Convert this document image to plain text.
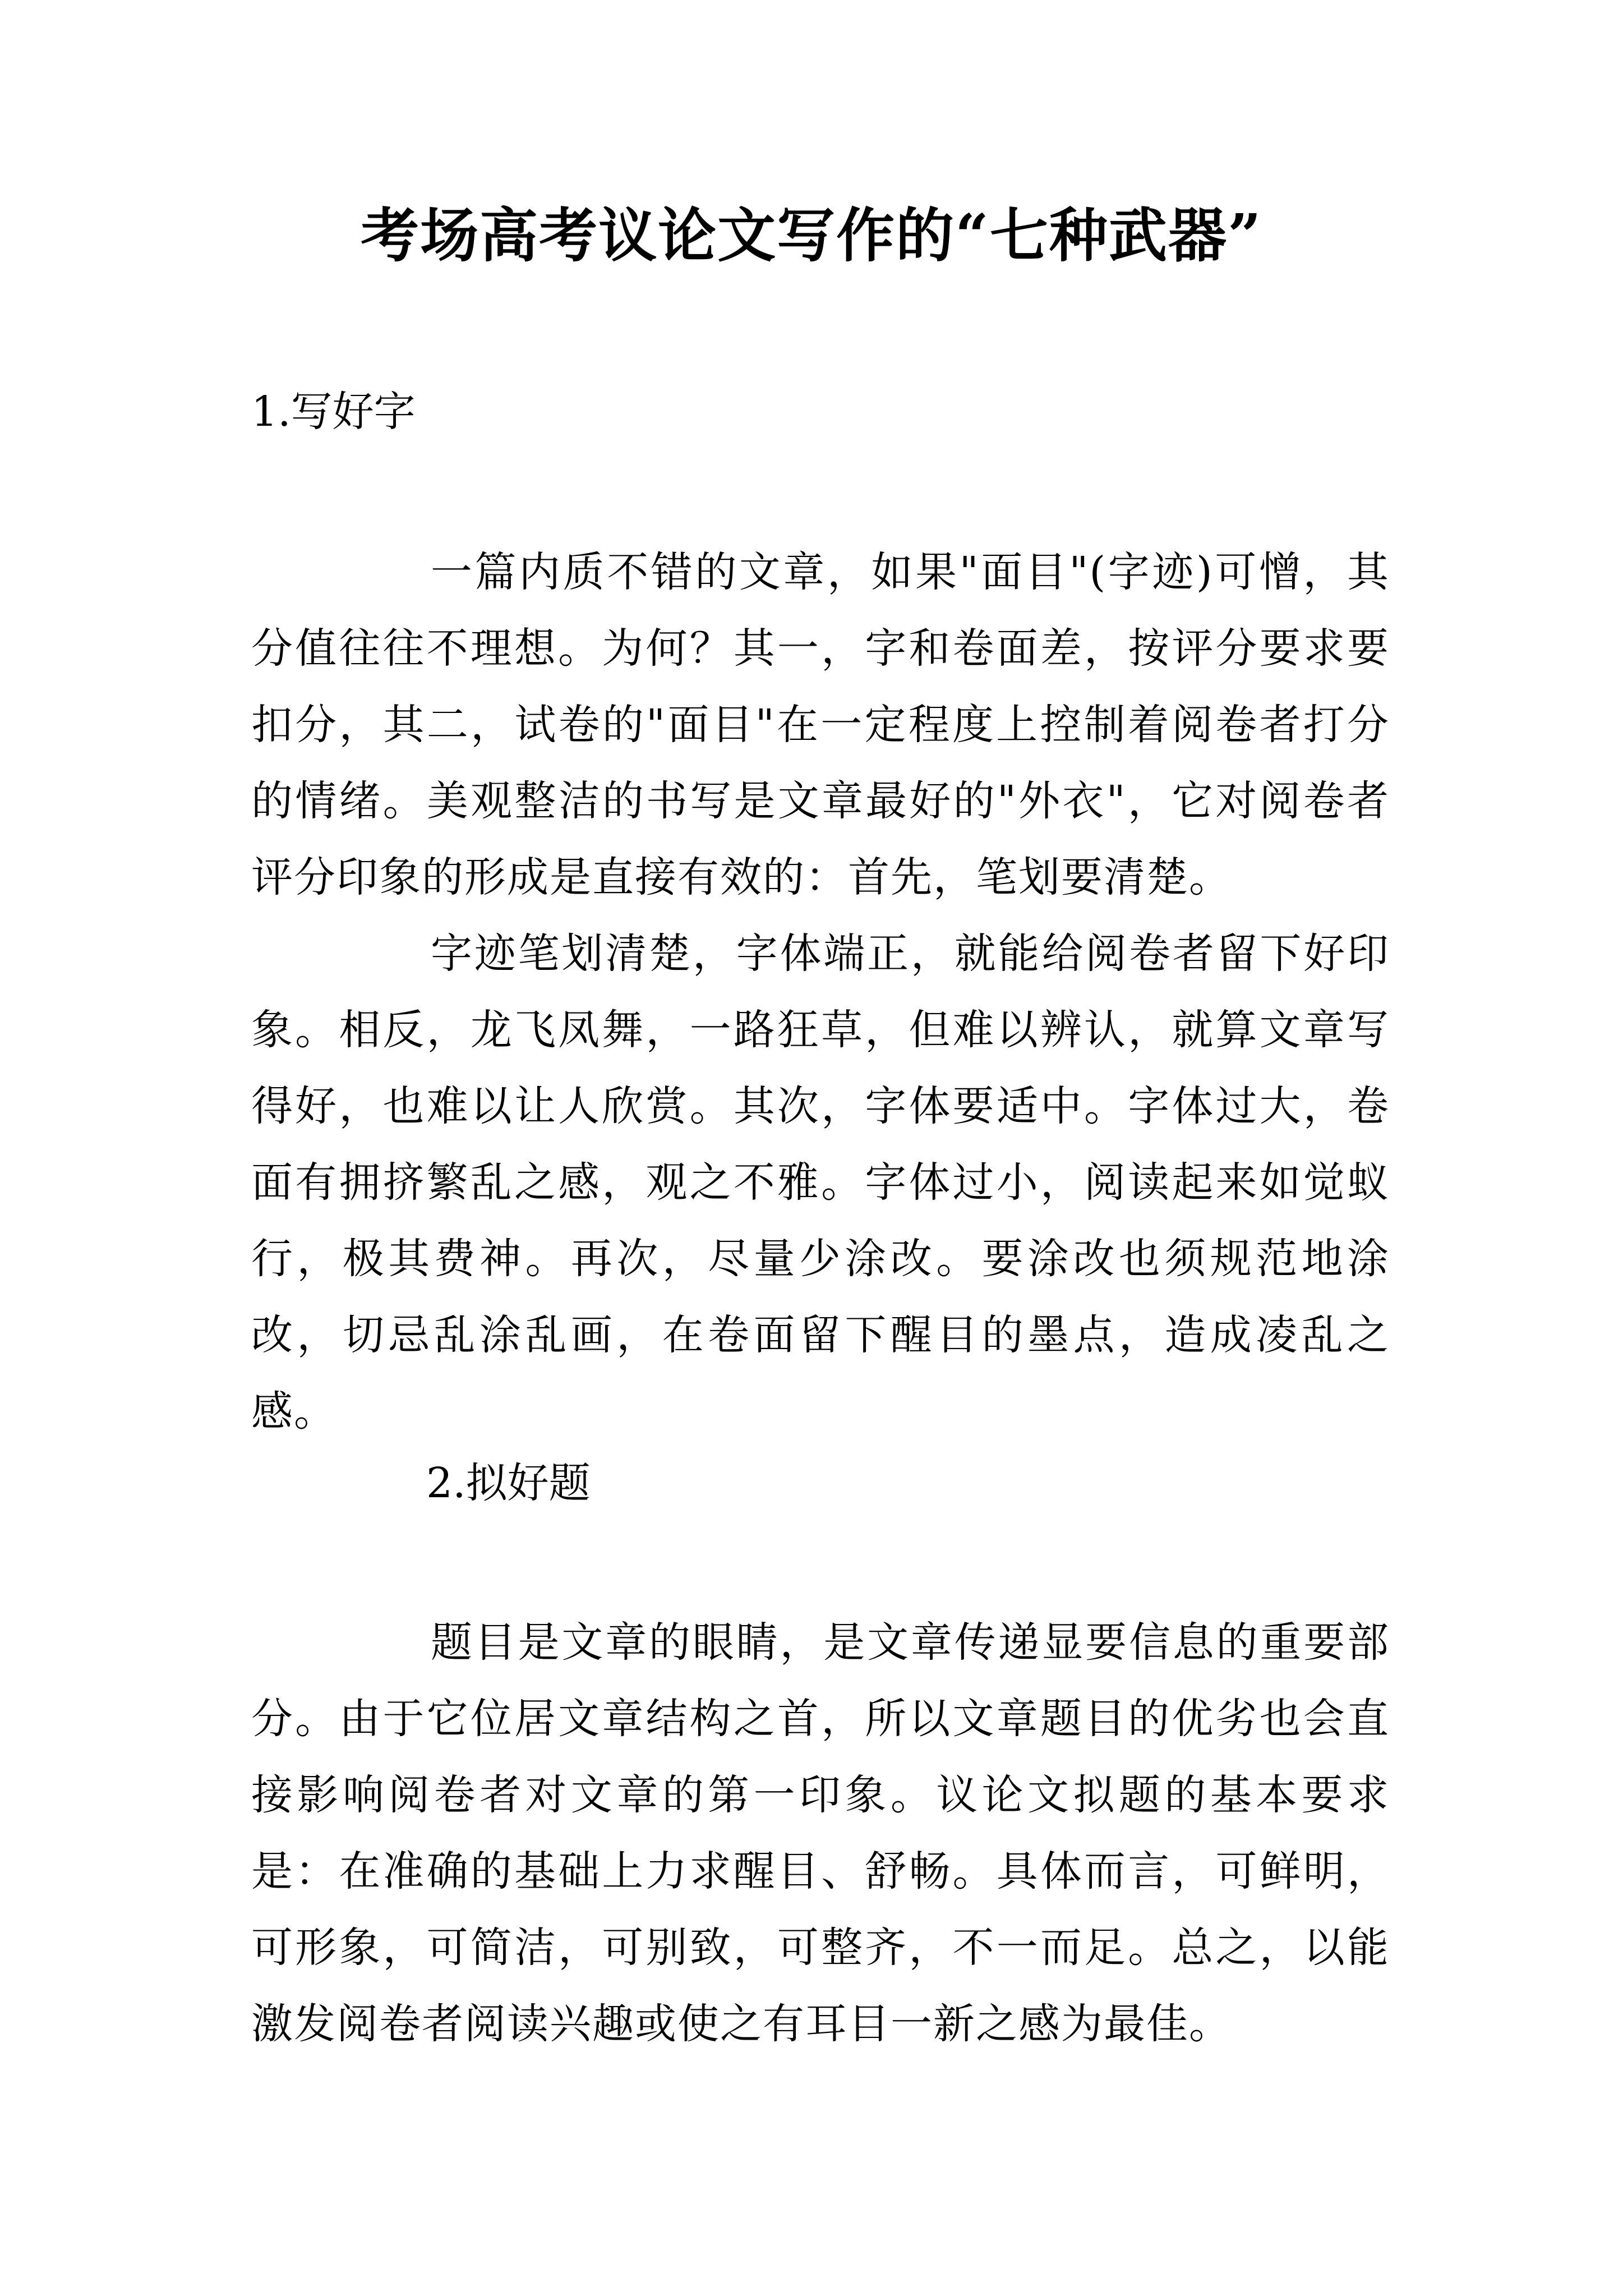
考场高考议论文写作的“七种武器”
1.写好字
一篇内质不错的文章，如果"面目"(字迹)可憎，其分值往往不理想。为何？其一，字和卷面差，按评分要求要扣分，其二，试卷的"面目"在一定程度上控制着阅卷者打分的情绪。美观整洁的书写是文章最好的"外衣"，它对阅卷者评分印象的形成是直接有效的：首先，笔划要清楚。
字迹笔划清楚，字体端正，就能给阅卷者留下好印象。相反，龙飞凤舞，一路狂草，但难以辨认，就算文章写得好，也难以让人欣赏。其次，字体要适中。字体过大，卷面有拥挤繁乱之感，观之不雅。字体过小，阅读起来如觉蚁行，极其费神。再次，尽量少涂改。要涂改也须规范地涂改，切忌乱涂乱画，在卷面留下醒目的墨点，造成凌乱之感。
2.拟好题
题目是文章的眼睛，是文章传递显要信息的重要部分。由于它位居文章结构之首，所以文章题目的优劣也会直接影响阅卷者对文章的第一印象。议论文拟题的基本要求是：在准确的基础上力求醒目、舒畅。具体而言，可鲜明，可形象，可简洁，可别致，可整齐，不一而足。总之，以能激发阅卷者阅读兴趣或使之有耳目一新之感为最佳。
